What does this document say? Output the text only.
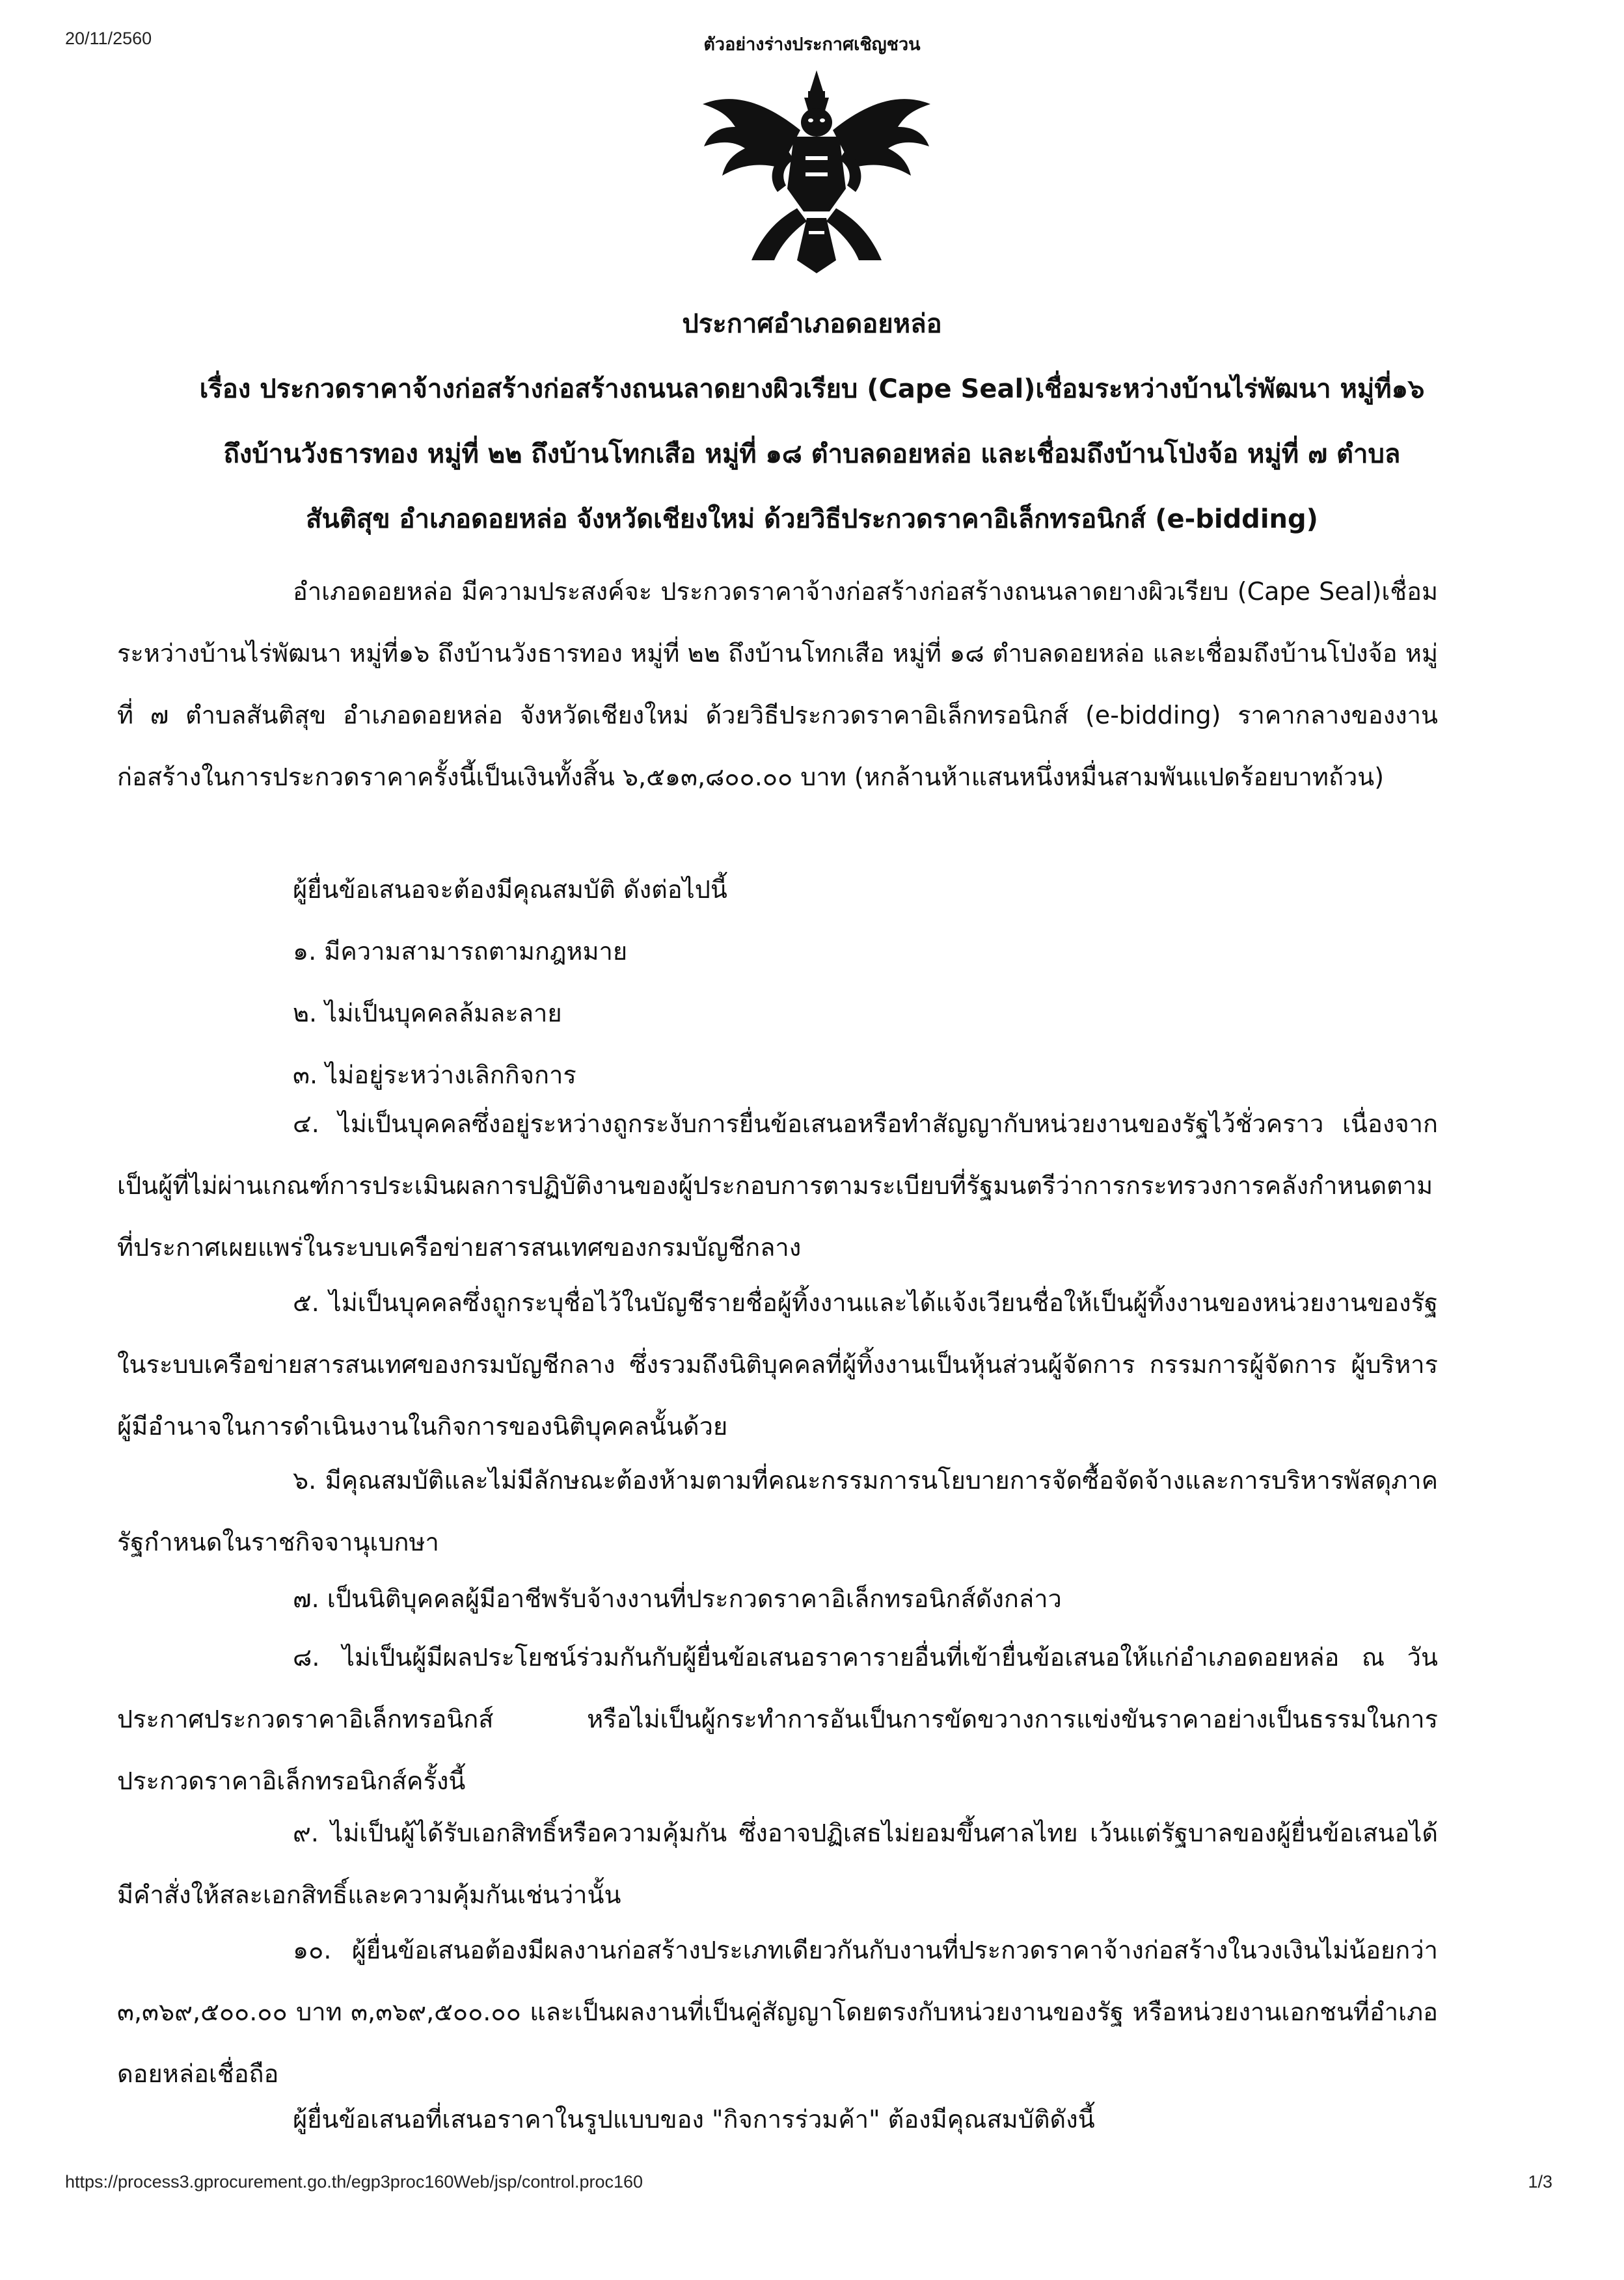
20/11/2560	ตัวอย่างร่างประกาศเชิญชวน
ประกาศอำเภอดอยหล่อ
เรื่อง ประกวดราคาจ้างก่อสร้างก่อสร้างถนนลาดยางผิวเรียบ (Cape Seal)เชื่อมระหว่างบ้านไร่พัฒนา หมู่ที่๑๖
ถึงบ้านวังธารทอง หมู่ที่ ๒๒ ถึงบ้านโทกเสือ หมู่ที่ ๑๘ ตำบลดอยหล่อ และเชื่อมถึงบ้านโป่งจ้อ หมู่ที่ ๗ ตำบล
สันติสุข อำเภอดอยหล่อ จังหวัดเชียงใหม่ ด้วยวิธีประกวดราคาอิเล็กทรอนิกส์ (e-bidding)

อำเภอดอยหล่อ มีความประสงค์จะ ประกวดราคาจ้างก่อสร้างก่อสร้างถนนลาดยางผิวเรียบ (Cape Seal)เชื่อมระหว่างบ้านไร่พัฒนา หมู่ที่๑๖ ถึงบ้านวังธารทอง หมู่ที่ ๒๒ ถึงบ้านโทกเสือ หมู่ที่ ๑๘ ตำบลดอยหล่อ และเชื่อมถึงบ้านโป่งจ้อ หมู่ที่ ๗ ตำบลสันติสุข อำเภอดอยหล่อ จังหวัดเชียงใหม่ ด้วยวิธีประกวดราคาอิเล็กทรอนิกส์ (e-bidding) ราคากลางของงานก่อสร้างในการประกวดราคาครั้งนี้เป็นเงินทั้งสิ้น ๖,๕๑๓,๘๐๐.๐๐ บาท (หกล้านห้าแสนหนึ่งหมื่นสามพันแปดร้อยบาทถ้วน)

ผู้ยื่นข้อเสนอจะต้องมีคุณสมบัติ ดังต่อไปนี้

๑. มีความสามารถตามกฎหมาย

๒. ไม่เป็นบุคคลล้มละลาย

๓. ไม่อยู่ระหว่างเลิกกิจการ

๔. ไม่เป็นบุคคลซึ่งอยู่ระหว่างถูกระงับการยื่นข้อเสนอหรือทำสัญญากับหน่วยงานของรัฐไว้ชั่วคราว เนื่องจากเป็นผู้ที่ไม่ผ่านเกณฑ์การประเมินผลการปฏิบัติงานของผู้ประกอบการตามระเบียบที่รัฐมนตรีว่าการกระทรวงการคลังกำหนดตามที่ประกาศเผยแพร่ในระบบเครือข่ายสารสนเทศของกรมบัญชีกลาง

๕. ไม่เป็นบุคคลซึ่งถูกระบุชื่อไว้ในบัญชีรายชื่อผู้ทิ้งงานและได้แจ้งเวียนชื่อให้เป็นผู้ทิ้งงานของหน่วยงานของรัฐในระบบเครือข่ายสารสนเทศของกรมบัญชีกลาง ซึ่งรวมถึงนิติบุคคลที่ผู้ทิ้งงานเป็นหุ้นส่วนผู้จัดการ กรรมการผู้จัดการ ผู้บริหาร ผู้มีอำนาจในการดำเนินงานในกิจการของนิติบุคคลนั้นด้วย

๖. มีคุณสมบัติและไม่มีลักษณะต้องห้ามตามที่คณะกรรมการนโยบายการจัดซื้อจัดจ้างและการบริหารพัสดุภาครัฐกำหนดในราชกิจจานุเบกษา

๗. เป็นนิติบุคคลผู้มีอาชีพรับจ้างงานที่ประกวดราคาอิเล็กทรอนิกส์ดังกล่าว

๘. ไม่เป็นผู้มีผลประโยชน์ร่วมกันกับผู้ยื่นข้อเสนอราคารายอื่นที่เข้ายื่นข้อเสนอให้แก่อำเภอดอยหล่อ ณ วันประกาศประกวดราคาอิเล็กทรอนิกส์ หรือไม่เป็นผู้กระทำการอันเป็นการขัดขวางการแข่งขันราคาอย่างเป็นธรรมในการประกวดราคาอิเล็กทรอนิกส์ครั้งนี้

๙. ไม่เป็นผู้ได้รับเอกสิทธิ์หรือความคุ้มกัน ซึ่งอาจปฏิเสธไม่ยอมขึ้นศาลไทย เว้นแต่รัฐบาลของผู้ยื่นข้อเสนอได้มีคำสั่งให้สละเอกสิทธิ์และความคุ้มกันเช่นว่านั้น

๑๐. ผู้ยื่นข้อเสนอต้องมีผลงานก่อสร้างประเภทเดียวกันกับงานที่ประกวดราคาจ้างก่อสร้างในวงเงินไม่น้อยกว่า ๓,๓๖๙,๕๐๐.๐๐ บาท ๓,๓๖๙,๕๐๐.๐๐ และเป็นผลงานที่เป็นคู่สัญญาโดยตรงกับหน่วยงานของรัฐ หรือหน่วยงานเอกชนที่อำเภอดอยหล่อเชื่อถือ

ผู้ยื่นข้อเสนอที่เสนอราคาในรูปแบบของ "กิจการร่วมค้า" ต้องมีคุณสมบัติดังนี้

https://process3.gprocurement.go.th/egp3proc160Web/jsp/control.proc160	1/3
